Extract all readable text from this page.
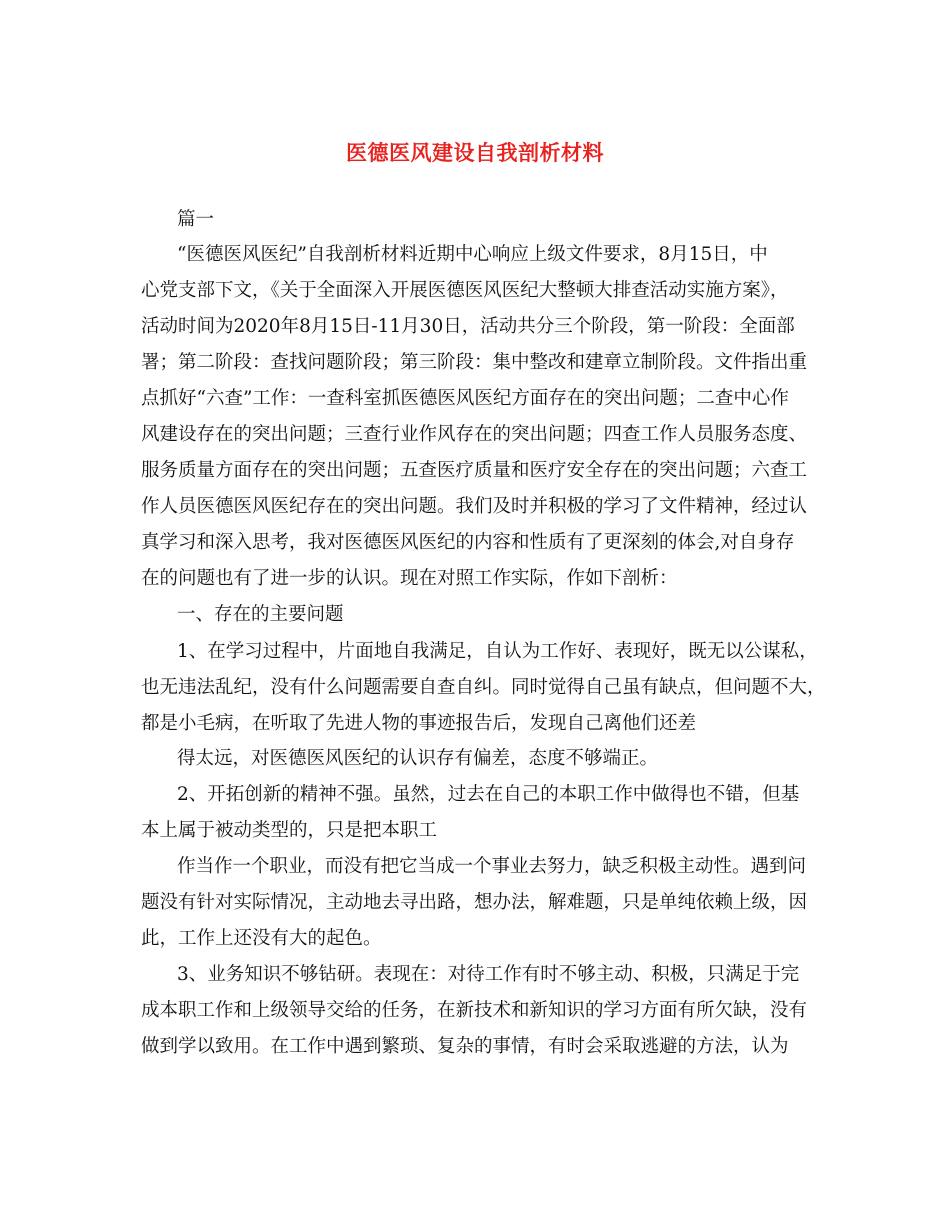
医德医风建设自我剖析材料
篇一
“医德医风医纪”自我剖析材料近期中心响应上级文件要求，8月15日，中
心党支部下文，《关于全面深入开展医德医风医纪大整顿大排查活动实施方案》，
活动时间为2020年8月15日-11月30日，活动共分三个阶段，第一阶段：全面部
署；第二阶段：查找问题阶段；第三阶段：集中整改和建章立制阶段。文件指出重
点抓好“六查”工作：一查科室抓医德医风医纪方面存在的突出问题；二查中心作
风建设存在的突出问题；三查行业作风存在的突出问题；四查工作人员服务态度、
服务质量方面存在的突出问题；五查医疗质量和医疗安全存在的突出问题；六查工
作人员医德医风医纪存在的突出问题。我们及时并积极的学习了文件精神，经过认
真学习和深入思考，我对医德医风医纪的内容和性质有了更深刻的体会,对自身存
在的问题也有了进一步的认识。现在对照工作实际，作如下剖析：
一、存在的主要问题
1、在学习过程中，片面地自我满足，自认为工作好、表现好，既无以公谋私，
也无违法乱纪，没有什么问题需要自查自纠。同时觉得自己虽有缺点，但问题不大，
都是小毛病，在听取了先进人物的事迹报告后，发现自己离他们还差
得太远，对医德医风医纪的认识存有偏差，态度不够端正。
2、开拓创新的精神不强。虽然，过去在自己的本职工作中做得也不错，但基
本上属于被动类型的，只是把本职工
作当作一个职业，而没有把它当成一个事业去努力，缺乏积极主动性。遇到问
题没有针对实际情况，主动地去寻出路，想办法，解难题，只是单纯依赖上级，因
此，工作上还没有大的起色。
3、业务知识不够钻研。表现在：对待工作有时不够主动、积极，只满足于完
成本职工作和上级领导交给的任务，在新技术和新知识的学习方面有所欠缺，没有
做到学以致用。在工作中遇到繁琐、复杂的事情，有时会采取逃避的方法，认为
